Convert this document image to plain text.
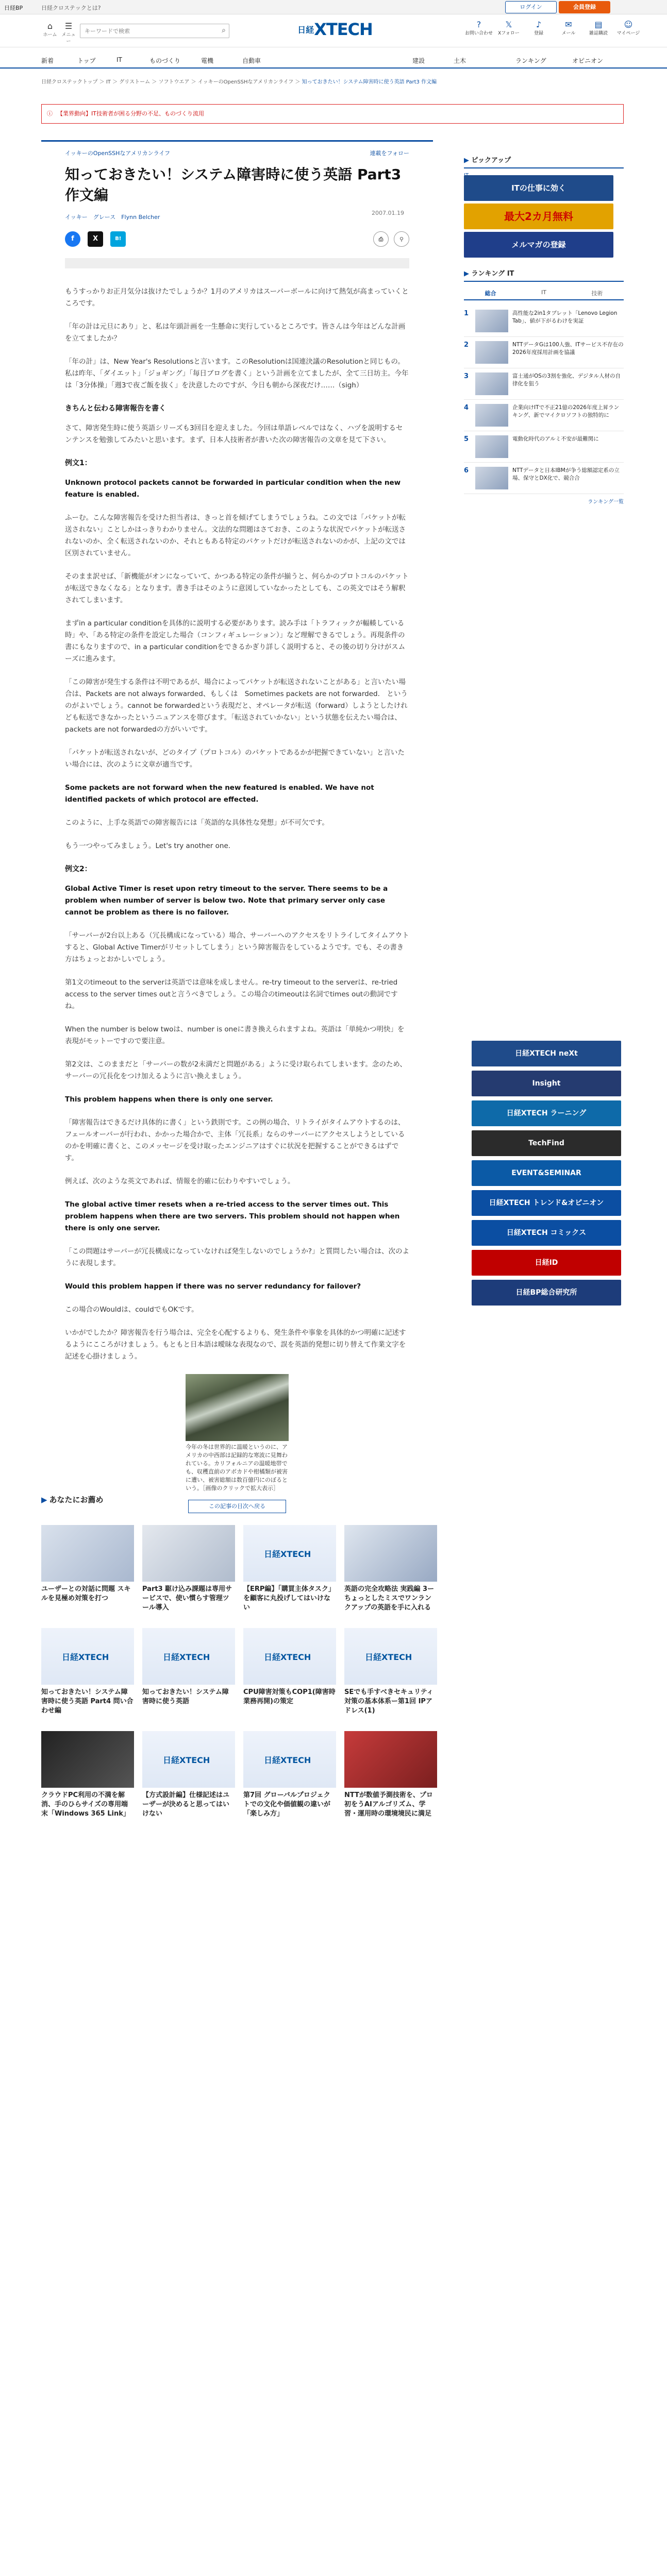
日経BP	日経クロステックとは?	ログイン	会員登録
⌂
ホーム
☰
メニュー
キーワードで検索
⌕	日経XTECH	?
お問い合わせ
𝕏
Xフォロー
♪
登録
✉
メール
▤
雑誌購読
☺
マイページ
新着	トップ	IT	ものづくり	電機	自動車	建設	土木	ランキング	オピニオン
日経クロステックトップ ＞ IT ＞ グリストーム ＞ ソフトウエア ＞ イッキーのOpenSSHなアメリカンライフ ＞ 知っておきたい！システム障害時に使う英語 Part3 作文編
ⓘ 【業界動向】IT技術者が困る分野の不足、ものづくり流用
イッキーのOpenSSHなアメリカンライフ	連載をフォロー
知っておきたい！システム障害時に使う英語 Part3　作文編
イッキー　グレース　 Flynn Belcher
2007.01.19
f	X	B!	⚲
⎙

もうすっかりお正月気分は抜けたでしょうか？1月のアメリカはスーパーボールに向けて熱気が高まっていくところです。

「年の計は元旦にあり」と、私は年頭計画を一生懸命に実行しているところです。皆さんは今年はどんな計画を立てましたか？

「年の計」は、New Year's Resolutionsと言います。このResolutionは国連決議のResolutionと同じもの。私は昨年、「ダイエット」「ジョギング」「毎日ブログを書く」という計画を立てましたが、全て三日坊主。今年は「3分体操」「週3で夜ご飯を抜く」を決意したのですが、今日も朝から深夜だけ……（sigh）

きちんと伝わる障害報告を書く

さて、障害発生時に使う英語シリーズも3回目を迎えました。今回は単語レベルではなく、ハヅを説明するセンテンスを勉強してみたいと思います。まず、日本人技術者が書いた次の障害報告の文章を見て下さい。

例文1：

Unknown protocol packets cannot be forwarded in particular condition when the new feature is enabled.

ふーむ。こんな障害報告を受けた担当者は、きっと首を傾げてしまうでしょうね。この文では「パケットが転送されない」ことしかはっきりわかりません。文法的な問題はさておき、このような状況でパケットが転送されないのか、全く転送されないのか、それともある特定のパケットだけが転送されないのかが、上記の文では区別されていません。

そのまま訳せば、「新機能がオンになっていて、かつある特定の条件が揃うと、何らかのプロトコルのパケットが転送できなくなる」となります。書き手はそのように意図していなかったとしても、この英文ではそう解釈されてしまいます。

まずin a particular conditionを具体的に説明する必要があります。読み手は「トラフィックが輻輳している時」や、「ある特定の条件を設定した場合（コンフィギュレーション）」など理解できるでしょう。再現条件の書にもなりますので、in a particular conditionをできるかぎり詳しく説明すると、その後の切り分けがスムーズに進みます。

「この障害が発生する条件は不明であるが、場合によってパケットが転送されないことがある」と言いたい場合は、Packets are not always forwarded、もしくは　Sometimes packets are not forwarded.　というのがよいでしょう。cannot be forwardedという表現だと、オペレータが転送（forward）しようとしたけれども転送できなかったというニュアンスを帯びます。「転送されていかない」という状態を伝えたい場合は、packets are not forwardedの方がいいです。

「パケットが転送されないが、どのタイプ（プロトコル）のパケットであるかが把握できていない」と言いたい場合には、次のように文章が適当です。

Some packets are not forward when the new featured is enabled. We have not identified packets of which protocol are effected.

このように、上手な英語での障害報告には「英語的な具体性な発想」が不可欠です。

もう一つやってみましょう。Let's try another one.

例文2：

Global Active Timer is reset upon retry timeout to the server. There seems to be a problem when number of server is below two. Note that primary server only case cannot be problem as there is no failover.

「サーバーが2台以上ある（冗長構成になっている）場合、サーバーへのアクセスをリトライしてタイムアウトすると、Global Active Timerがリセットしてしまう」という障害報告をしているようです。でも、その書き方はちょっとおかしいでしょう。

第1文のtimeout to the serverは英語では意味を成しません。re-try timeout to the serverは、re-tried access to the server times outと言うべきでしょう。この場合のtimeoutは名詞でtimes outの動詞ですね。

When the number is below twoは、number is oneに書き換えられますよね。英語は「単純かつ明快」を表現がモットーですので要注意。

第2文は、このままだと「サーバーの数が2未満だと問題がある」ように受け取られてしまいます。念のため、サーバーの冗長化をつけ加えるように言い換えましょう。

This problem happens when there is only one server.

「障害報告はできるだけ具体的に書く」という鉄則です。この例の場合、リトライがタイムアウトするのは、フェールオーバーが行われ、かかった場合かで、主体「冗長系」ならのサーバーにアクセスしようとしているのかを明確に書くと、このメッセージを受け取ったエンジニアはすぐに状況を把握することができるはずです。

例えば、次のような英文であれば、情報を的確に伝わりやすいでしょう。

The global active timer resets when a re-tried access to the server times out. This problem happens when there are two servers. This problem should not happen when there is only one server.

「この問題はサーバーが冗長構成になっていなければ発生しないのでしょうか?」と質問したい場合は、次のように表現します。

Would this problem happen if there was no server redundancy for failover?

この場合のWouldは、couldでもOKです。

いかがでしたか？障害報告を行う場合は、完全を心配するよりも、発生条件や事象を具体的かつ明確に記述するようにこころがけましょう。もともと日本語は曖昧な表現なので、誤を英語的発想に切り替えて作業文字を記述を心掛けましょう。

今年の冬は世界的に温暖というのに、アメリカの中西部は記録的な寒波に見舞われている。カリフォルニアの温暖地帯でも、収穫直前のアボカドや柑橘類が被害に遭い、被害総額は数百億円にのぼるという。［画像のクリックで拡大表示］
この記事の目次へ戻る

▶ ピックアップ
ITの仕事に効く
最大2カ月無料
メルマガの登録
▶ ランキング IT
総合	IT	技術
1	高性能な2in1タブレット「Lenovo Legion Tab」、値が下がるわけを実証
2	NTTデータGは100人強、ITサービス不存在の2026年度採用計画を協議
3	富士通がOSの3割を強化、デジタル人材の自律化を狙う
4	企業向けITで不正21億の2026年度上昇ランキング、新でマイクロソフトの独特的に
5	電動化時代のアルミ不安が最難関に
6	NTTデータと日本IBMが争う総額認定系の立場、保守とDX化で、競合合
ランキング一覧
日経XTECH neXt
Insight
日経XTECH ラーニング
TechFind
EVENT&SEMINAR
日経XTECH トレンド&オピニオン
日経XTECH コミックス
日経ID
日経BP総合研究所
▶ あなたにお薦め
ユーザーとの対話に問題 スキルを見極め対策を打つ
Part3 駆け込み課題は専用サービスで、使い慣らす管理ツール導入
日経XTECH
【ERP編】「購買主体タスク」を顧客に丸投げしてはいけない
英語の完全攻略法 実践編 3ーちょっとしたミスでワンランクアップの英語を手に入れる
日経XTECH
知っておきたい！システム障害時に使う英語 Part4 問い合わせ編
日経XTECH
知っておきたい！システム障害時に使う英語
日経XTECH
CPU障害対策もCOP1(障害時業務再開)の策定
日経XTECH
SEでも手すべきセキュリティ対策の基本体系ー第1回 IPアドレス(1)
クラウドPC利用の不満を解消、手のひらサイズの専用端末「Windows 365 Link」
日経XTECH
【方式設計編】仕様記述はユーザーが決めると思ってはいけない
日経XTECH
第7回 グローバルプロジェクトでの文化や価値観の違いが「楽しみ方」
NTTが数値予測技術を、プロ初をうAIアルゴリズム、学習・運用時の環境境民に満足
